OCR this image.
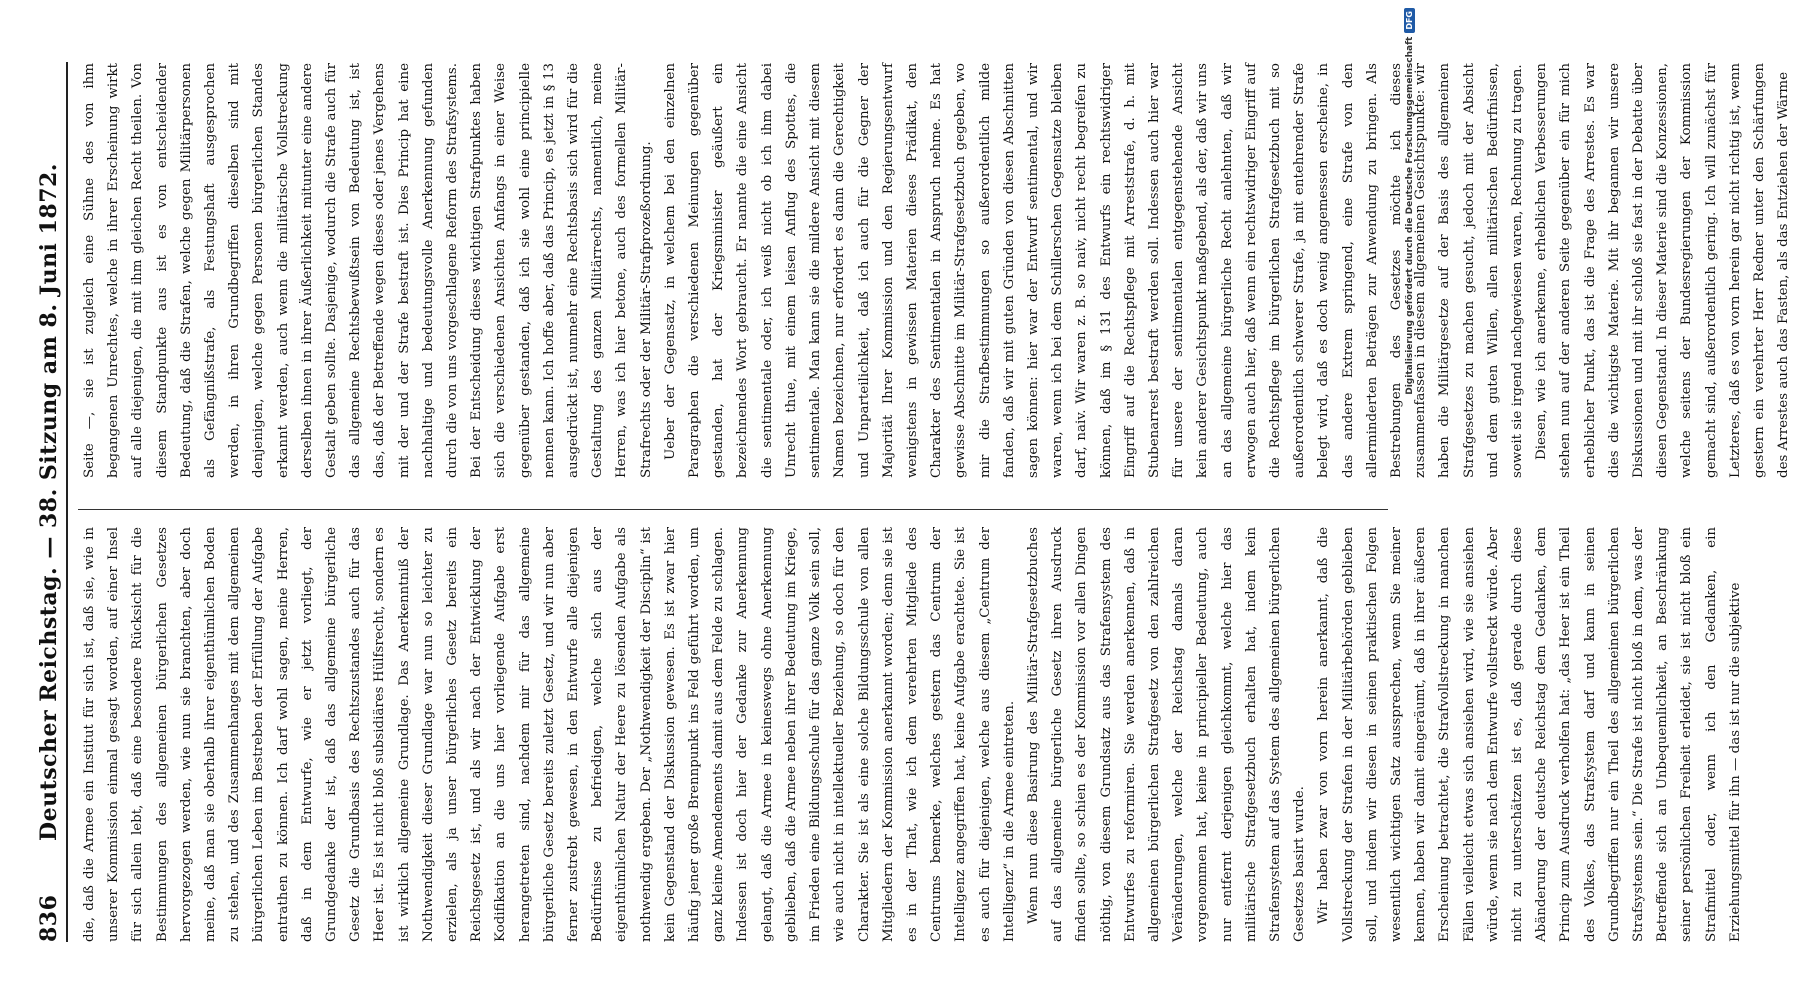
836
Deutscher Reichstag. — 38. Sitzung am 8. Juni 1872. die, daß die Armee ein Institut für sich ist, daß sie, wie in unserer Kommission einmal gesagt worden, auf einer Insel für sich allein lebt, daß eine besondere Rücksicht für die Bestimmungen des allgemeinen bürgerlichen Gesetzes hervorgezogen werden, wie nun sie branchten, aber doch meine, daß man sie oberhalb ihrer eigenthümlichen Boden zu stehen, und des Zusammenhanges mit dem allgemeinen bürgerlichen Leben im Bestreben der Erfüllung der Aufgabe entrathen zu können. Ich darf wohl sagen, meine Herren, daß in dem Entwurfe, wie er jetzt vorliegt, der Grundgedanke der ist, daß das allgemeine bürgerliche Gesetz die Grundbasis des Rechtszustandes auch für das Heer ist. Es ist nicht bloß subsidiäres Hülfsrecht, sondern es ist wirklich allgemeine Grundlage. Das Anerkenntniß der Nothwendigkeit dieser Grundlage war nun so leichter zu erzielen, als ja unser bürgerliches Gesetz bereits ein Reichsgesetz ist, und als wir nach der Entwicklung der Kodifikation an die uns hier vorliegende Aufgabe erst herangetreten sind, nachdem mir für das allgemeine bürgerliche Gesetz bereits zuletzt Gesetz, und wir nun aber ferner zustrebt gewesen, in den Entwurfe alle diejenigen Bedürfnisse zu befriedigen, welche sich aus der eigenthümlichen Natur der Heere zu lösenden Aufgabe als nothwendig ergeben. Der „Nothwendigkeit der Disciplin“ ist kein Gegenstand der Diskussion gewesen. Es ist zwar hier häufig jener große Brennpunkt ins Feld geführt worden, um ganz kleine Amendements damit aus dem Felde zu schlagen. Indessen ist doch hier der Gedanke zur Anerkennung gelangt, daß die Armee in keineswegs ohne Anerkennung geblieben, daß die Armee neben ihrer Bedeutung im Kriege, im Frieden eine Bildungsschule für das ganze Volk sein soll, wie auch nicht in intellektueller Beziehung, so doch für den Charakter. Sie ist als eine solche Bildungsschule von allen Mitgliedern der Kommission anerkannt worden; denn sie ist es in der That, wie ich dem verehrten Mitgliede des Centrums bemerke, welches gestern das Centrum der Intelligenz angegriffen hat, keine Aufgabe erachtete. Sie ist es auch für diejenigen, welche aus diesem „Centrum der Intelligenz“ in die Armee eintreten. Wenn nun diese Basirung des Militär-Strafgesetzbuches auf das allgemeine bürgerliche Gesetz ihren Ausdruck finden sollte, so schien es der Kommission vor allen Dingen nöthig, von diesem Grundsatz aus das Strafensystem des Entwurfes zu reformiren. Sie werden anerkennen, daß in allgemeinen bürgerlichen Strafgesetz von den zahlreichen Veränderungen, welche der Reichstag damals daran vorgenommen hat, keine in principieller Bedeutung, auch nur entfernt derjenigen gleichkommt, welche hier das militärische Strafgesetzbuch erhalten hat, indem kein Strafensystem auf das System des allgemeinen bürgerlichen Gesetzes basirt wurde. Wir haben zwar von vorn herein anerkannt, daß die Vollstreckung der Strafen in der Militärbehörden geblieben soll, und indem wir diesen in seinen praktischen Folgen wesentlich wichtigen Satz aussprechen, wenn Sie meiner kennen, haben wir damit eingeräumt, daß in ihrer äußeren Erscheinung betrachtet, die Strafvollstreckung in manchen Fällen vielleicht etwas sich ansiehen wird, wie sie ansiehen würde, wenn sie nach dem Entwurfe vollstreckt würde. Aber nicht zu unterschätzen ist es, daß gerade durch diese Abänderung der deutsche Reichstag dem Gedanken, dem Princip zum Ausdruck verholfen hat: „das Heer ist ein Theil des Volkes, das Strafsystem darf und kann in seinen Grundbegriffen nur ein Theil des allgemeinen bürgerlichen Strafsystems sein.“ Die Strafe ist nicht bloß in dem, was der Betreffende sich an Unbequemlichkeit, an Beschränkung seiner persönlichen Freiheit erleidet, sie ist nicht bloß ein Strafmittel oder, wenn ich den Gedanken, ein Erziehungsmittel für ihn — das ist nur die subjektive

Seite —, sie ist zugleich eine Sühne des von ihm begangenen Unrechtes, welche in ihrer Erscheinung wirkt auf alle diejenigen, die mit ihm gleichen Recht theilen. Von diesem Standpunkte aus ist es von entscheidender Bedeutung, daß die Strafen, welche gegen Militärpersonen als Gefängnißstrafe, als Festungshaft ausgesprochen werden, in ihren Grundbegriffen dieselben sind mit denjenigen, welche gegen Personen bürgerlichen Standes erkannt werden, auch wenn die militärische Vollstreckung derselben ihnen in ihrer Äußerlichkeit mitunter eine andere Gestalt geben sollte. Dasjenige, wodurch die Strafe auch für das allgemeine Rechtsbewußtsein von Bedeutung ist, ist das, daß der Betreffende wegen dieses oder jenes Vergehens mit der und der Strafe bestraft ist. Dies Princip hat eine nachhaltige und bedeutungsvolle Anerkennung gefunden durch die von uns vorgeschlagene Reform des Strafsystems. Bei der Entscheidung dieses wichtigen Strafpunktes haben sich die verschiedenen Ansichten Anfangs in einer Weise gegenüber gestanden, daß ich sie wohl eine principielle nennen kann. Ich hoffe aber, daß das Princip, es jetzt in § 13 ausgedrückt ist, nunmehr eine Rechtsbasis sich wird für die Gestaltung des ganzen Militärrechts, namentlich, meine Herren, was ich hier betone, auch des formellen Militär-Strafrechts oder der Militär-Strafprozeßordnung. Ueber der Gegensatz, in welchem bei den einzelnen Paragraphen die verschiedenen Meinungen gegenüber gestanden, hat der Kriegsminister geäußert ein bezeichnendes Wort gebraucht. Er nannte die eine Ansicht die sentimentale oder, ich weiß nicht ob ich ihm dabei Unrecht thue, mit einem leisen Anflug des Spottes, die sentimentale. Man kann sie die mildere Ansicht mit diesem Namen bezeichnen, nur erfordert es dann die Gerechtigkeit und Unparteilichkeit, daß ich auch für die Gegner der Majorität Ihrer Kommission und den Regierungsentwurf wenigstens in gewissen Materien dieses Prädikat, den Charakter des Sentimentalen in Anspruch nehme. Es hat gewisse Abschnitte im Militär-Strafgesetzbuch gegeben, wo mir die Strafbestimmungen so außerordentlich milde fanden, daß wir mit guten Gründen von diesen Abschnitten sagen können: hier war der Entwurf sentimental, und wir waren, wenn ich bei dem Schillerschen Gegensatze bleiben darf, naiv. Wir waren z. B. so naiv, nicht recht begreifen zu können, daß im § 131 des Entwurfs ein rechtswidriger Eingriff auf die Rechtspflege mit Arreststrafe, d. h. mit Stubenarrest bestraft werden soll. Indessen auch hier war für unsere der sentimentalen entgegenstehende Ansicht kein anderer Gesichtspunkt maßgebend, als der, daß wir uns an das allgemeine bürgerliche Recht anlehnten, daß wir erwogen auch hier, daß wenn ein rechtswidriger Eingriff auf die Rechtspflege im bürgerlichen Strafgesetzbuch mit so außerordentlich schwerer Strafe, ja mit entehrender Strafe belegt wird, daß es doch wenig angemessen erscheine, in das andere Extrem springend, eine Strafe von den allerminderten Beträgen zur Anwendung zu bringen. Als Bestrebungen des Gesetzes möchte ich dieses zusammenfassen in diesem allgemeinen Gesichtspunkte: wir haben die Militärgesetze auf der Basis des allgemeinen Strafgesetzes zu machen gesucht, jedoch mit der Absicht und dem guten Willen, allen militärischen Bedürfnissen, soweit sie irgend nachgewiesen waren, Rechnung zu tragen. Diesen, wie ich anerkenne, erheblichen Verbesserungen stehen nun auf der anderen Seite gegenüber ein für mich erheblicher Punkt, das ist die Frage des Arrestes. Es war dies die wichtigste Materie. Mit ihr begannen wir unsere Diskussionen und mit ihr schloß sie fast in der Debatte über diesen Gegenstand. In dieser Materie sind die Konzessionen, welche seitens der Bundesregierungen der Kommission gemacht sind, außerordentlich gering. Ich will zunächst für Letzteres, daß es von vorn herein gar nicht richtig ist, wenn gestern ein verehrter Herr Redner unter den Schärfungen des Arrestes auch das Fasten, als das Entziehen der Wärme

Digitalisierung gefördert durch die Deutsche ForschungsgemeinschaftDFG
